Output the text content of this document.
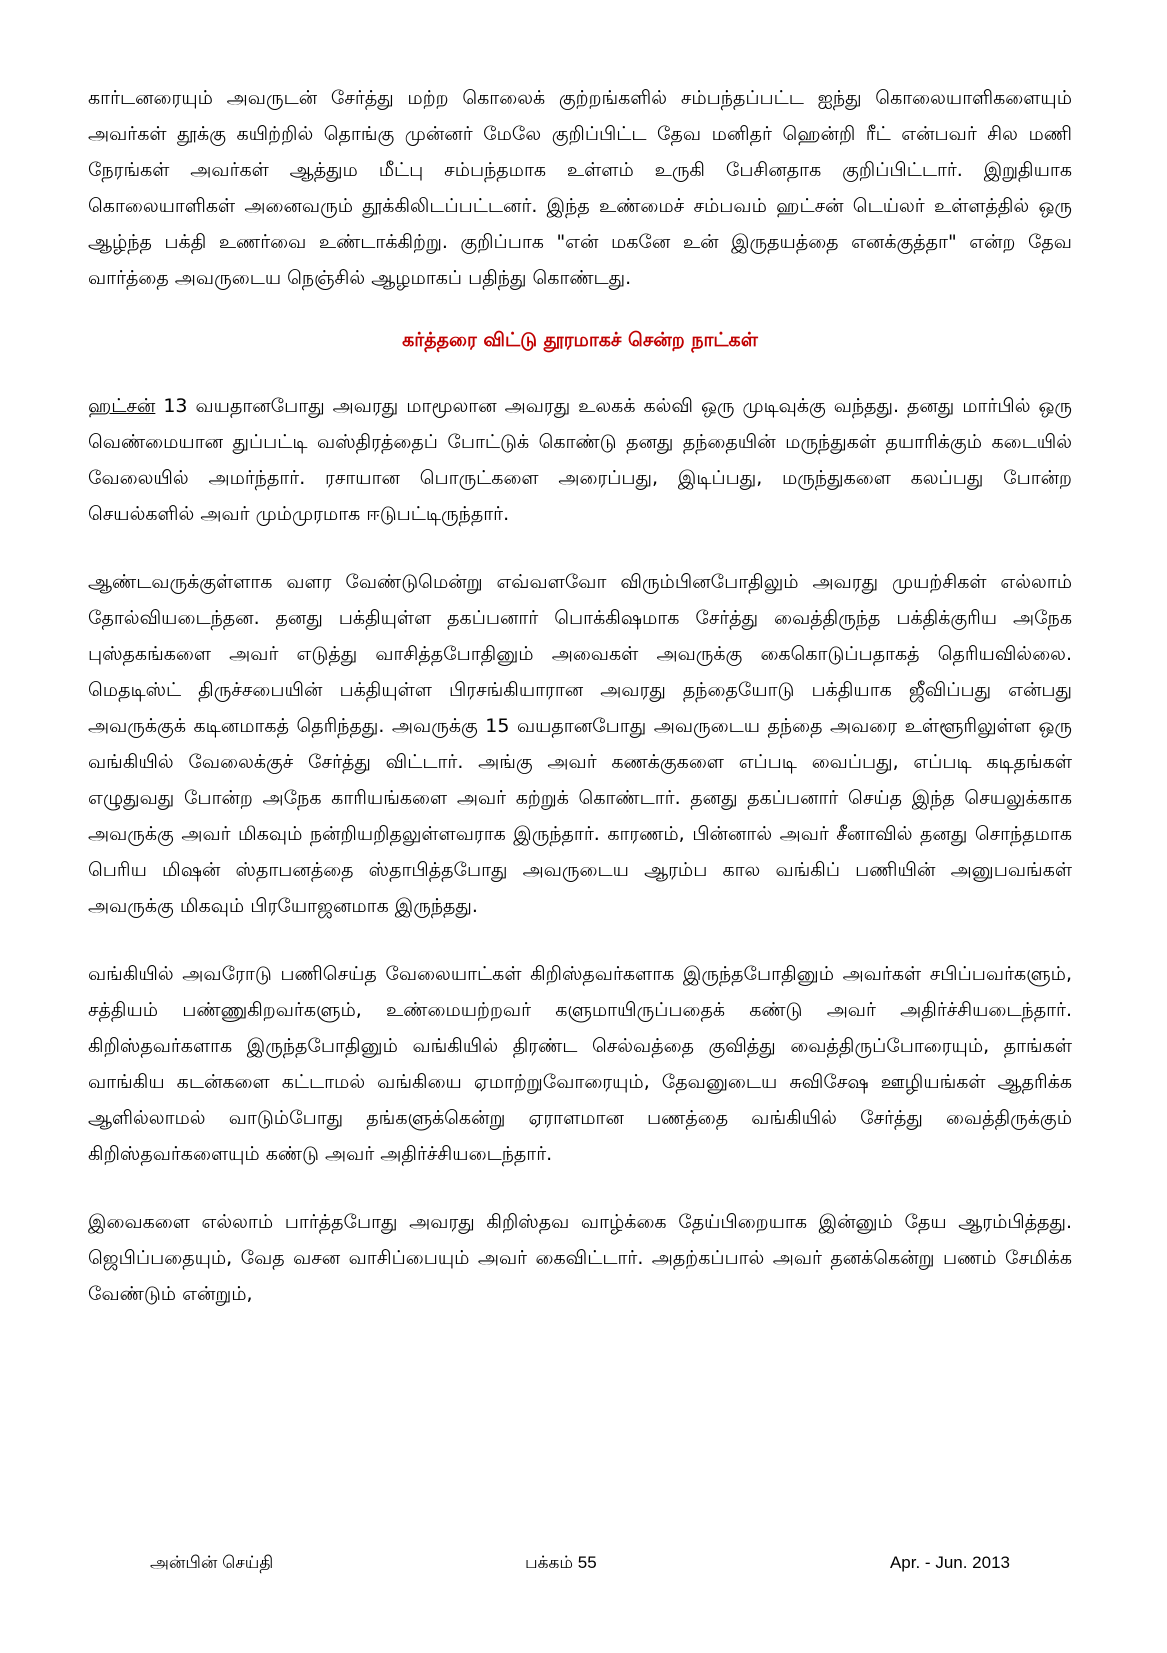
கார்டனரையும் அவருடன் சேர்த்து மற்ற கொலைக் குற்றங்களில் சம்பந்தப்பட்ட ஐந்து கொலையாளிகளையும் அவர்கள் தூக்கு கயிற்றில் தொங்கு முன்னர் மேலே குறிப்பிட்ட தேவ மனிதர் ஹென்றி ரீட் என்பவர் சில மணி நேரங்கள் அவர்கள் ஆத்தும மீட்பு சம்பந்தமாக உள்ளம் உருகி பேசினதாக குறிப்பிட்டார். இறுதியாக கொலையாளிகள் அனைவரும் தூக்கிலிடப்பட்டனர். இந்த உண்மைச் சம்பவம் ஹட்சன் டெய்லர் உள்ளத்தில் ஒரு ஆழ்ந்த பக்தி உணர்வை உண்டாக்கிற்று. குறிப்பாக "என் மகனே உன் இருதயத்தை எனக்குத்தா" என்ற தேவ வார்த்தை அவருடைய நெஞ்சில் ஆழமாகப் பதிந்து கொண்டது.

கர்த்தரை விட்டு தூரமாகச் சென்ற நாட்கள்

ஹட்சன் 13 வயதானபோது அவரது மாமூலான அவரது உலகக் கல்வி ஒரு முடிவுக்கு வந்தது. தனது மார்பில் ஒரு வெண்மையான துப்பட்டி வஸ்திரத்தைப் போட்டுக் கொண்டு தனது தந்தையின் மருந்துகள் தயாரிக்கும் கடையில் வேலையில் அமர்ந்தார். ரசாயான பொருட்களை அரைப்பது, இடிப்பது, மருந்துகளை கலப்பது போன்ற செயல்களில் அவர் மும்முரமாக ஈடுபட்டிருந்தார்.

ஆண்டவருக்குள்ளாக வளர வேண்டுமென்று எவ்வளவோ விரும்பினபோதிலும் அவரது முயற்சிகள் எல்லாம் தோல்வியடைந்தன. தனது பக்தியுள்ள தகப்பனார் பொக்கிஷமாக சேர்த்து வைத்திருந்த பக்திக்குரிய அநேக புஸ்தகங்களை அவர் எடுத்து வாசித்தபோதினும் அவைகள் அவருக்கு கைகொடுப்பதாகத் தெரியவில்லை. மெதடிஸ்ட் திருச்சபையின் பக்தியுள்ள பிரசங்கியாரான அவரது தந்தையோடு பக்தியாக ஜீவிப்பது என்பது அவருக்குக் கடினமாகத் தெரிந்தது. அவருக்கு 15 வயதானபோது அவருடைய தந்தை அவரை உள்ளூரிலுள்ள ஒரு வங்கியில் வேலைக்குச் சேர்த்து விட்டார். அங்கு அவர் கணக்குகளை எப்படி வைப்பது, எப்படி கடிதங்கள் எழுதுவது போன்ற அநேக காரியங்களை அவர் கற்றுக் கொண்டார். தனது தகப்பனார் செய்த இந்த செயலுக்காக அவருக்கு அவர் மிகவும் நன்றியறிதலுள்ளவராக இருந்தார். காரணம், பின்னால் அவர் சீனாவில் தனது சொந்தமாக பெரிய மிஷன் ஸ்தாபனத்தை ஸ்தாபித்தபோது அவருடைய ஆரம்ப கால வங்கிப் பணியின் அனுபவங்கள் அவருக்கு மிகவும் பிரயோஜனமாக இருந்தது.

வங்கியில் அவரோடு பணிசெய்த வேலையாட்கள் கிறிஸ்தவர்களாக இருந்தபோதினும் அவர்கள் சபிப்பவர்களும், சத்தியம் பண்ணுகிறவர்களும், உண்மையற்றவர் களுமாயிருப்பதைக் கண்டு அவர் அதிர்ச்சியடைந்தார். கிறிஸ்தவர்களாக இருந்தபோதினும் வங்கியில் திரண்ட செல்வத்தை குவித்து வைத்திருப்போரையும், தாங்கள் வாங்கிய கடன்களை கட்டாமல் வங்கியை ஏமாற்றுவோரையும், தேவனுடைய சுவிசேஷ ஊழியங்கள் ஆதரிக்க ஆளில்லாமல் வாடும்போது தங்களுக்கென்று ஏராளமான பணத்தை வங்கியில் சேர்த்து வைத்திருக்கும் கிறிஸ்தவர்களையும் கண்டு அவர் அதிர்ச்சியடைந்தார்.

இவைகளை எல்லாம் பார்த்தபோது அவரது கிறிஸ்தவ வாழ்க்கை தேய்பிறையாக இன்னும் தேய ஆரம்பித்தது. ஜெபிப்பதையும், வேத வசன வாசிப்பையும் அவர் கைவிட்டார். அதற்கப்பால் அவர் தனக்கென்று பணம் சேமிக்க வேண்டும் என்றும்,

அன்பின் செய்தி	பக்கம் 55	Apr. - Jun. 2013
